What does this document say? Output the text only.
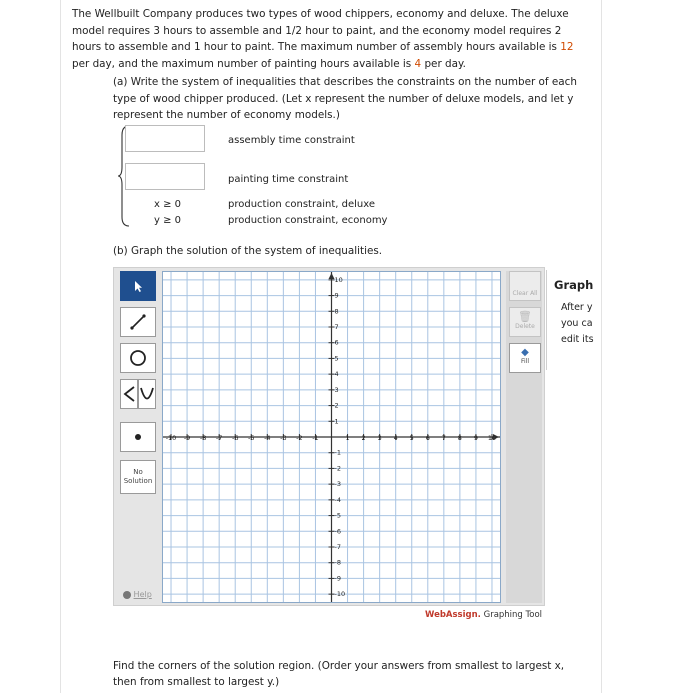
The Wellbuilt Company produces two types of wood chippers, economy and deluxe. The deluxe model requires 3 hours to assemble and 1/2 hour to paint, and the economy model requires 2 hours to assemble and 1 hour to paint. The maximum number of assembly hours available is 12 per day, and the maximum number of painting hours available is 4 per day.
(a) Write the system of inequalities that describes the constraints on the number of each type of wood chipper produced. (Let x represent the number of deluxe models, and let y represent the number of economy models.)
assembly time constraint
painting time constraint
x ≥ 0	production constraint, deluxe
y ≥ 0	production constraint, economy
(b) Graph the solution of the system of inequalities.
No Solution
Help
-10 -9 -8 -7 -6 -5 -4 -3 -2 -1	1 2 3 4 5 6 7 8 9 10
10
9
8
7
6
5
4
3
2
1
-1
-2
-3
-4
-5
-6
-7
-8
-9
-10
Clear All
🗑
Delete
◆
Fill
Graph
After y
you ca
edit its
WebAssign. Graphing Tool
Find the corners of the solution region. (Order your answers from smallest to largest x, then from smallest to largest y.)
